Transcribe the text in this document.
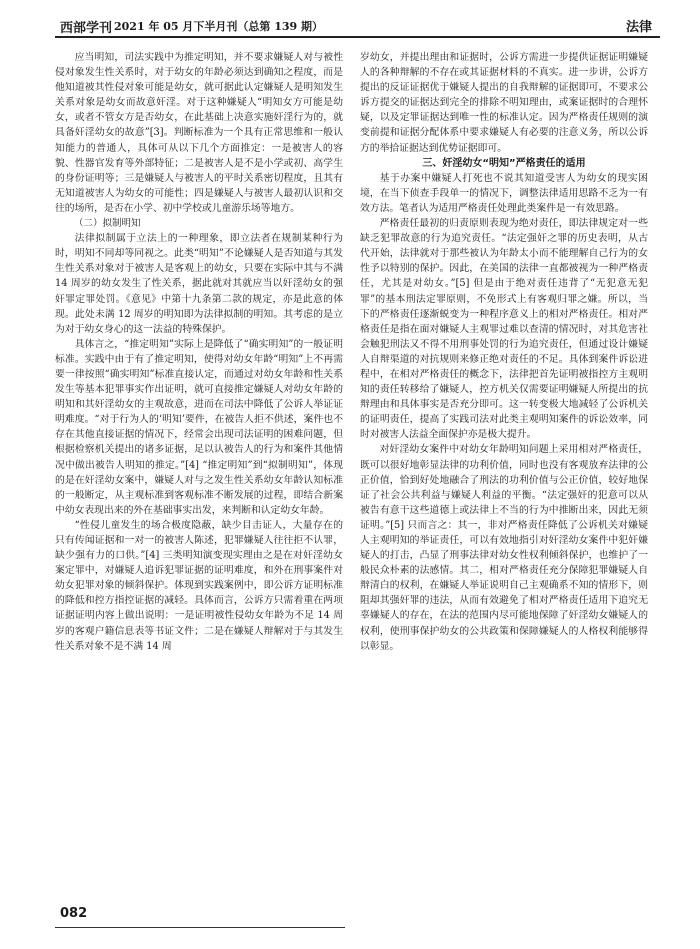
西部学刊 2021 年 05 月下半月刊（总第 139 期）	法律

应当明知，司法实践中为推定明知，并不要求嫌疑人对与被性侵对象发生性关系时，对于幼女的年龄必须达到确知之程度，而是他知道被其性侵对象可能是幼女，就可据此认定嫌疑人是明知发生关系对象是幼女而故意奸淫。对于这种嫌疑人“明知女方可能是幼女，或者不管女方是否幼女，在此基础上决意实施奸淫行为的，就具备奸淫幼女的故意”[3]。判断标准为一个具有正常思维和一般认知能力的普通人，具体可从以下几个方面推定：一是被害人的容貌、性器官发育等外部特征；二是被害人是不是小学或初、高学生的身份证明等；三是嫌疑人与被害人的平时关系密切程度，且其有无知道被害人为幼女的可能性；四是嫌疑人与被害人最初认识和交往的场所，是否在小学、初中学校或儿童游乐场等地方。

（二）拟制明知

法律拟制属于立法上的一种理象，即立法者在规制某种行为时，明知不同却等同视之。此类“明知”不论嫌疑人是否知道与其发生性关系对象对于被害人是客观上的幼女，只要在实际中其与不满 14 周岁的幼女发生了性关系，据此就对其就应当以奸淫幼女的强奸罪定罪处罚。《意见》中第十九条第二款的规定，亦是此意的体现。此处未满 12 周岁的明知即为法律拟制的明知。其考虑的是立为对于幼女身心的这一法益的特殊保护。

具体言之，“推定明知”实际上是降低了“确实明知”的一般证明标准。实践中由于有了推定明知，使得对幼女年龄“明知”上不再需要一律按照“确实明知”标准直接认定，而通过对幼女年龄和性关系发生等基本犯罪事实作出证明，就可直接推定嫌疑人对幼女年龄的明知和其奸淫幼女的主观故意，进而在司法中降低了公诉人举证证明难度。“对于行为人的‘明知’要件，在被告人拒不供述，案件也不存在其他直接证据的情况下，经常会出现司法证明的困难问题，但根据检察机关提出的诸多证据，足以认被告人的行为和案件其他情况中做出被告人明知的推定。”[4] “推定明知”到“拟制明知”，体现的是在奸淫幼女案中，嫌疑人对与之发生性关系幼女年龄认知标准的一般断定，从主观标准到客观标准不断发展的过程，即结合新案中幼女表现出来的外在基础事实出发，来判断和认定幼女年龄。

“性侵儿童发生的场合极度隐蔽，缺少目击证人，大量存在的只有传闻证据和一对一的被害人陈述，犯罪嫌疑人往往拒不认罪，缺少强有力的口供。”[4] 三类明知演变现实理由之是在对奸淫幼女案定罪中，对嫌疑人追诉犯罪证据的证明难度，和外在刑事案件对幼女犯罪对象的倾斜保护。体现到实践案例中，即公诉方证明标准的降低和控方指控证据的减轻。具体而言，公诉方只需着重在两项证据证明内容上做出说明：一是证明被性侵幼女年龄为不足 14 周岁的客观户籍信息表等书证文件；二是在嫌疑人辩解对于与其发生性关系对象不是不满 14 周

岁幼女，并提出理由和证据时，公诉方需进一步提供证据证明嫌疑人的各种辩解的不存在或其证据材料的不真实。进一步讲，公诉方提出的反证证据优于嫌疑人提出的自我辩解的证据即可，不要求公诉方提交的证据达到完全的排除不明知理由，或案证据时的合理怀疑，以及定罪证据达到唯一性的标准认定。因为严格责任规则的演变前提和证据分配体系中要求嫌疑人有必要的注意义务，所以公诉方的举拾证据达到优势证据即可。

三、奸淫幼女“明知”严格责任的适用

基于办案中嫌疑人打死也不说其知道受害人为幼女的现实困境，在当下侦查手段单一的情况下，调整法律适用思路不乏为一有效方法。笔者认为适用严格责任处理此类案件是一有效思路。

严格责任最初的归责原则表现为绝对责任，即法律规定对一些缺乏犯罪故意的行为追究责任。“法定强奸之罪的历史表明，从古代开始，法律就对于那些被认为年龄太小而不能理解自己行为的女性予以特别的保护。因此，在美国的法律一直都被视为一种严格责任，尤其是对幼女。”[5] 但是由于绝对责任违背了“无犯意无犯罪”的基本刑法定罪原则，不免形式上有客观归罪之嫌。所以，当下的严格责任逐渐蜕变为一种程序意义上的相对严格责任。相对严格责任是指在面对嫌疑人主观罪过难以查清的情况时，对其危害社会触犯刑法又不得不用刑事处罚的行为追究责任，但通过设计嫌疑人自辩渠道的对抗规则来修正绝对责任的不足。具体到案件诉讼进程中，在相对严格责任的概念下，法律把首先证明被指控方主观明知的责任转移给了嫌疑人，控方机关仅需要证明嫌疑人所提出的抗辩理由和具体事实是否充分即可。这一转变极大地减轻了公诉机关的证明责任，提高了实践司法对此类主观明知案件的诉讼效率，同时对被害人法益全面保护亦是极大提升。

对奸淫幼女案件中对幼女年龄明知问题上采用相对严格责任，既可以很好地彰显法律的功利价值，同时也没有客观放弃法律的公正价值，恰到好处地融合了刑法的功利价值与公正价值，较好地保证了社会公共利益与嫌疑人利益的平衡。“法定强奸的犯意可以从被告有意干这些道德上或法律上不当的行为中推断出来，因此无须证明。”[5] 只而言之：其一，非对严格责任降低了公诉机关对嫌疑人主观明知的举证责任，可以有效地指引对奸淫幼女案件中犯奸嫌疑人的打击，凸显了刑事法律对幼女性权利倾斜保护，也维护了一般民众朴素的法感情。其二，相对严格责任充分保障犯罪嫌疑人自辩清白的权利，在嫌疑人举证说明自己主观确系不知的情形下，则阻却其强奸罪的违法，从而有效避免了相对严格责任适用下追究无辜嫌疑人的存在，在法的范围内尽可能地保障了奸淫幼女嫌疑人的权利，使刑事保护幼女的公共政策和保障嫌疑人的人格权利能够得以彰显。

082
